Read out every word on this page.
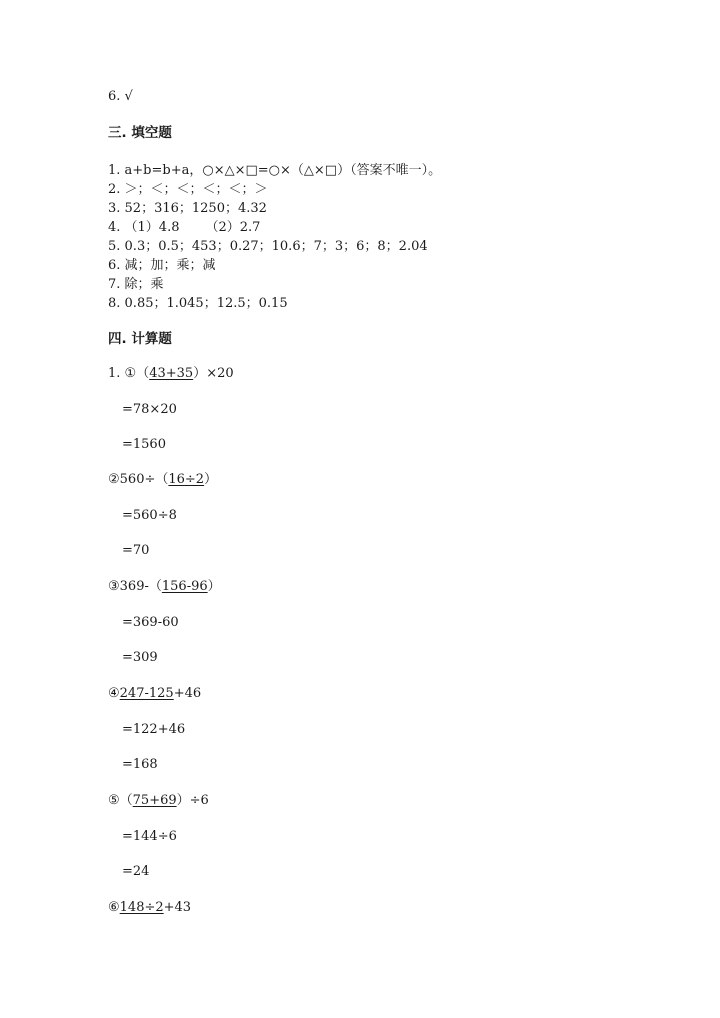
6. √
三. 填空题
1. a+b=b+a，○×△×□=○×（△×□）（答案不唯一）。
2. ＞；＜；＜；＜；＜；＞
3. 52；316；1250；4.32
4. （1）4.8 （2）2.7
5. 0.3；0.5；453；0.27；10.6；7；3；6；8；2.04
6. 减；加；乘；减
7. 除；乘
8. 0.85；1.045；12.5；0.15
四. 计算题
1. ①（43+35）×20
=78×20
=1560
②560÷（16÷2）
=560÷8
=70
③369-（156-96）
=369-60
=309
④247-125+46
=122+46
=168
⑤（75+69）÷6
=144÷6
=24
⑥148÷2+43
